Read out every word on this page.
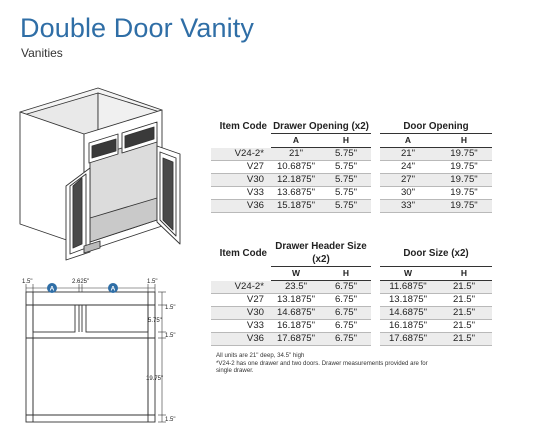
Double Door Vanity
Vanities
A	A
1.5"	2.625"	1.5"
1.5"
5.75"
1.5"
19.75"
1.5"
Item Code	Drawer Opening (x2)			Door Opening	
	A	H		A	H
V24-2*	21"	5.75"		21"	19.75"
V27	10.6875"	5.75"		24"	19.75"
V30	12.1875"	5.75"		27"	19.75"
V33	13.6875"	5.75"		30"	19.75"
V36	15.1875"	5.75"		33"	19.75"
Item Code	Drawer Header Size (x2)			Door Size (x2)	
	W	H		W	H
V24-2*	23.5"	6.75"		11.6875"	21.5"
V27	13.1875"	6.75"		13.1875"	21.5"
V30	14.6875"	6.75"		14.6875"	21.5"
V33	16.1875"	6.75"		16.1875"	21.5"
V36	17.6875"	6.75"		17.6875"	21.5"
All units are 21" deep, 34.5" high
*V24-2 has one drawer and two doors. Drawer measurements provided are for
single drawer.
